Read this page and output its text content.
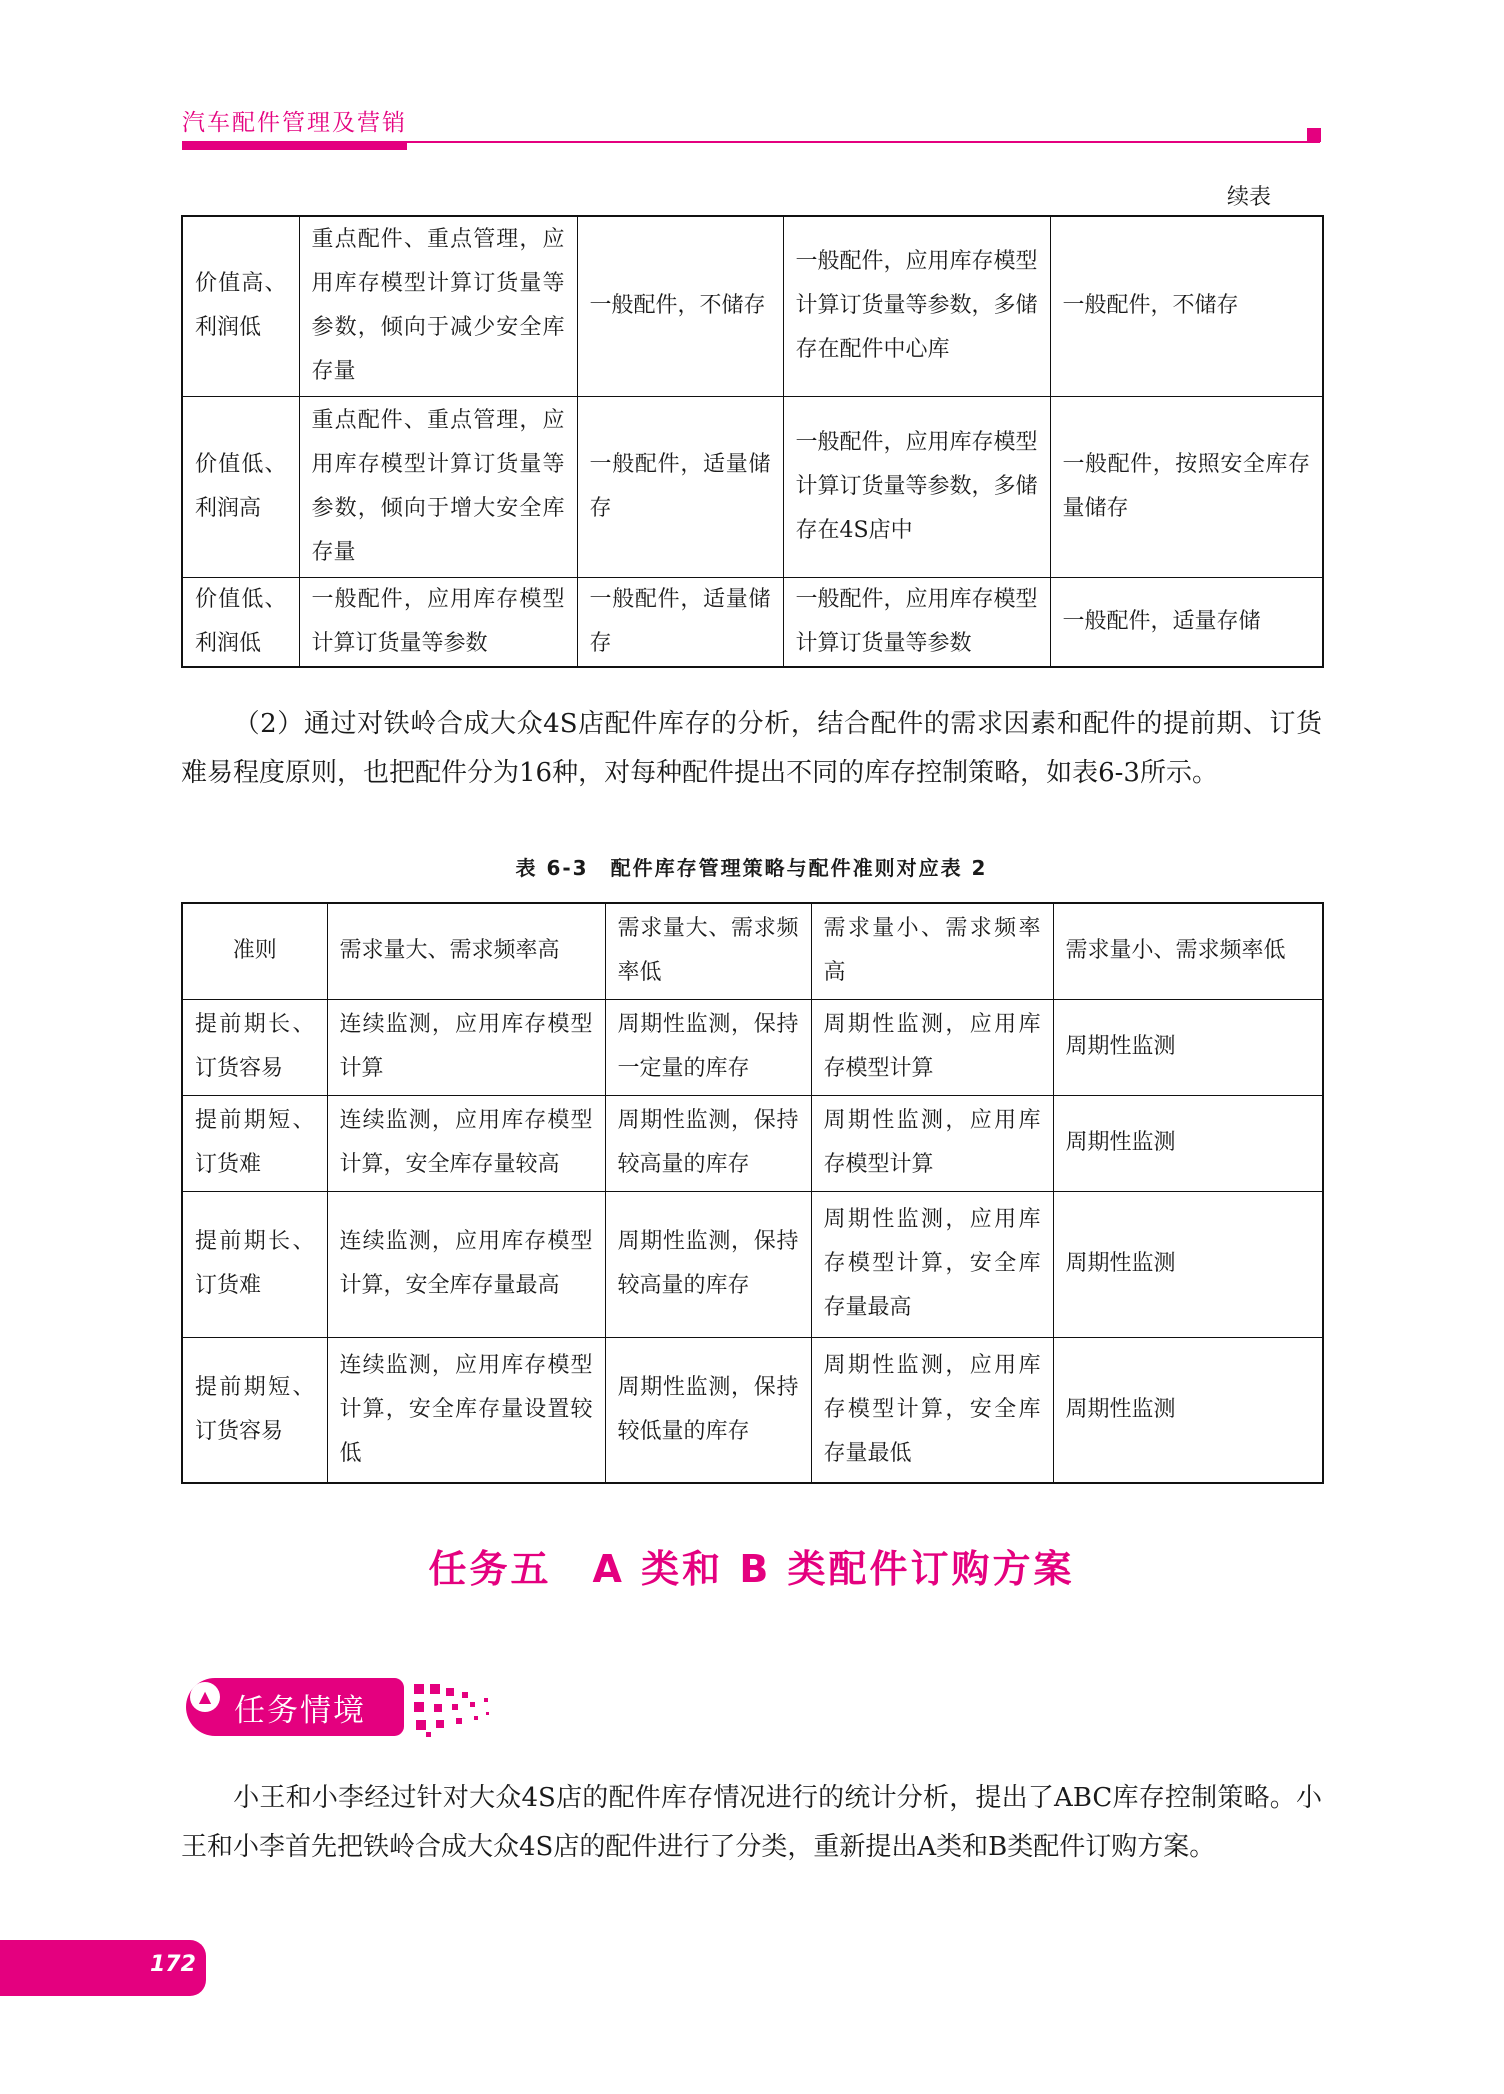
汽车配件管理及营销
续表
价值高、利润低	重点配件、重点管理，应用库存模型计算订货量等参数，倾向于减少安全库存量	一般配件，不储存	一般配件，应用库存模型计算订货量等参数，多储存在配件中心库	一般配件，不储存
价值低、利润高	重点配件、重点管理，应用库存模型计算订货量等参数，倾向于增大安全库存量	一般配件，适量储存	一般配件，应用库存模型计算订货量等参数，多储存在4S店中	一般配件，按照安全库存量储存
价值低、利润低	一般配件，应用库存模型计算订货量等参数	一般配件，适量储存	一般配件，应用库存模型计算订货量等参数	一般配件，适量存储
（2）通过对铁岭合成大众4S店配件库存的分析，结合配件的需求因素和配件的提前期、订货难易程度原则，也把配件分为16种，对每种配件提出不同的库存控制策略，如表6-3所示。
表 6-3　配件库存管理策略与配件准则对应表 2
准则	需求量大、需求频率高	需求量大、需求频率低	需求量小、需求频率高	需求量小、需求频率低
提前期长、订货容易	连续监测，应用库存模型计算	周期性监测，保持一定量的库存	周期性监测，应用库存模型计算	周期性监测
提前期短、订货难	连续监测，应用库存模型计算，安全库存量较高	周期性监测，保持较高量的库存	周期性监测，应用库存模型计算	周期性监测
提前期长、订货难	连续监测，应用库存模型计算，安全库存量最高	周期性监测，保持较高量的库存	周期性监测，应用库存模型计算，安全库存量最高	周期性监测
提前期短、订货容易	连续监测，应用库存模型计算，安全库存量设置较低	周期性监测，保持较低量的库存	周期性监测，应用库存模型计算，安全库存量最低	周期性监测
任务五　A 类和 B 类配件订购方案
▲ 任务情境
小王和小李经过针对大众4S店的配件库存情况进行的统计分析，提出了ABC库存控制策略。小王和小李首先把铁岭合成大众4S店的配件进行了分类，重新提出A类和B类配件订购方案。
172
